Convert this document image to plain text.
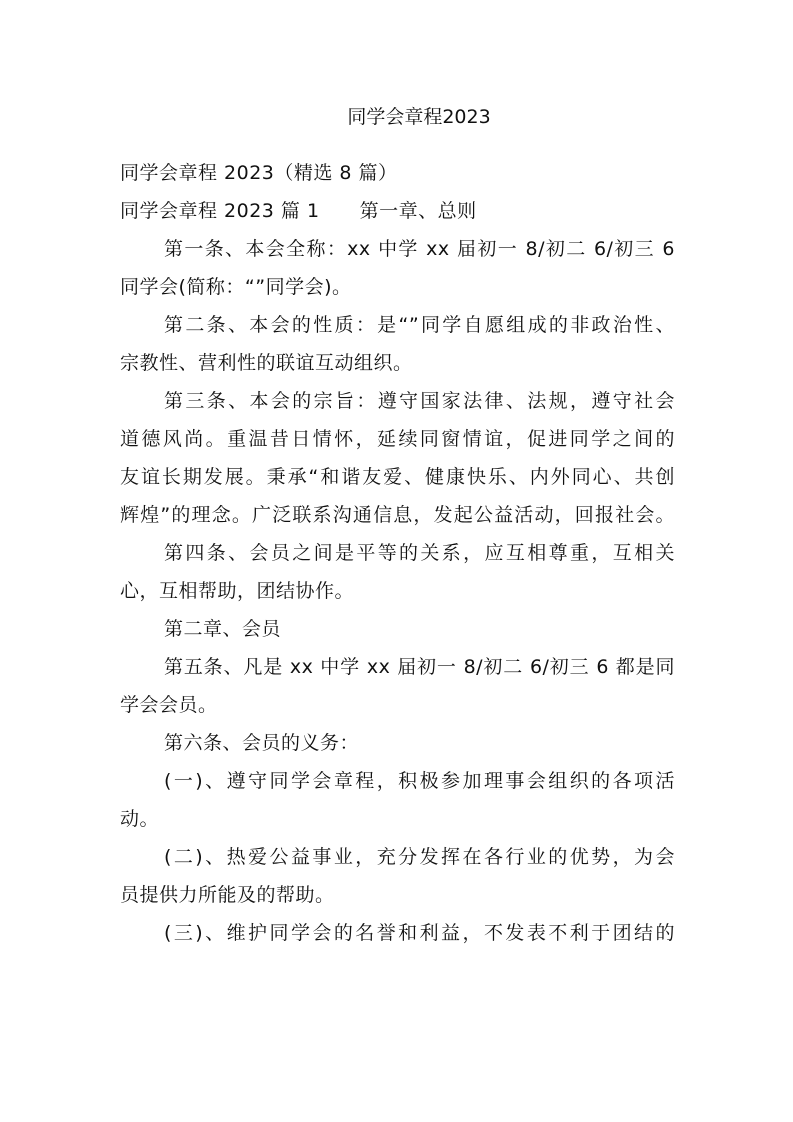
同学会章程2023
同学会章程 2023（精选 8 篇）
同学会章程 2023 篇 1 第一章、总则
第一条、本会全称：xx 中学 xx 届初一 8/初二 6/初三 6
同学会(简称：“”同学会)。
第二条、本会的性质：是“”同学自愿组成的非政治性、
宗教性、营利性的联谊互动组织。
第三条、本会的宗旨：遵守国家法律、法规，遵守社会
道德风尚。重温昔日情怀，延续同窗情谊，促进同学之间的
友谊长期发展。秉承“和谐友爱、健康快乐、内外同心、共创
辉煌”的理念。广泛联系沟通信息，发起公益活动，回报社会。
第四条、会员之间是平等的关系，应互相尊重，互相关
心，互相帮助，团结协作。
第二章、会员
第五条、凡是 xx 中学 xx 届初一 8/初二 6/初三 6 都是同
学会会员。
第六条、会员的义务：
(一)、遵守同学会章程，积极参加理事会组织的各项活
动。
(二)、热爱公益事业，充分发挥在各行业的优势，为会
员提供力所能及的帮助。
(三)、维护同学会的名誉和利益，不发表不利于团结的
